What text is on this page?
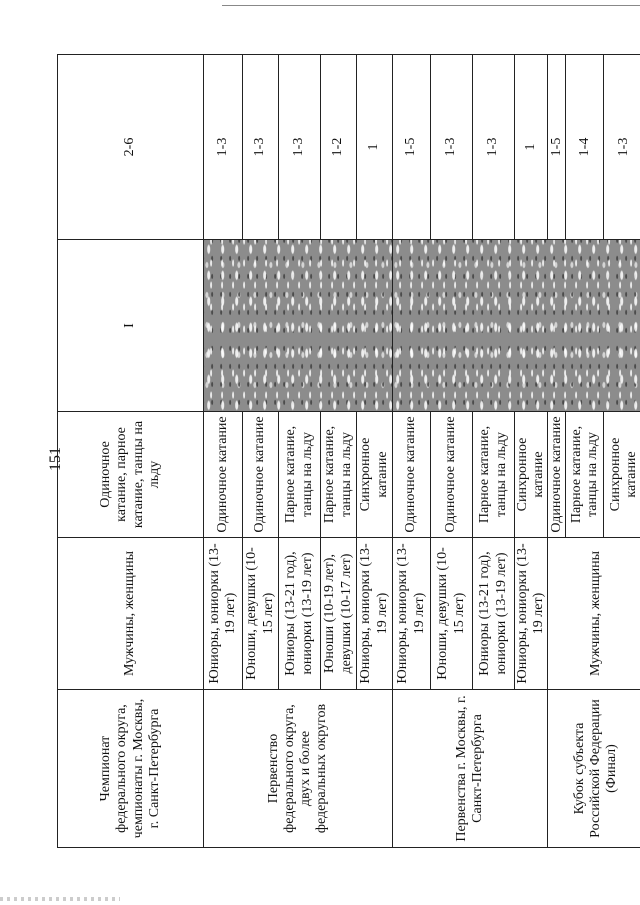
151
Чемпионат федерального округа, чемпионаты г. Москвы, г. Санкт-Петербурга	Мужчины, женщины	Одиночное катание, парное катание, танцы на льду	I	2-6
Первенство федерального округа, двух и более федеральных округов	Юниоры, юниорки (13-19 лет)	Одиночное катание		1-3
	Юноши, девушки (10-15 лет)	Одиночное катание		1-3
	Юниоры (13-21 год), юниорки (13-19 лет)	Парное катание, танцы на льду		1-3
	Юноши (10-19 лет), девушки (10-17 лет)	Парное катание, танцы на льду		1-2
	Юниоры, юниорки (13-19 лет)	Синхронное катание		1
Первенства г. Москвы, г. Санкт-Петербурга	Юниоры, юниорки (13-19 лет)	Одиночное катание		1-5
	Юноши, девушки (10-15 лет)	Одиночное катание		1-3
	Юниоры (13-21 год), юниорки (13-19 лет)	Парное катание, танцы на льду		1-3
	Юниоры, юниорки (13-19 лет)	Синхронное катание		1
Кубок субъекта Российской Федерации (Финал)	Мужчины, женщины	Одиночное катание		1-5
		Парное катание, танцы на льду		1-4
		Синхронное катание		1-3
